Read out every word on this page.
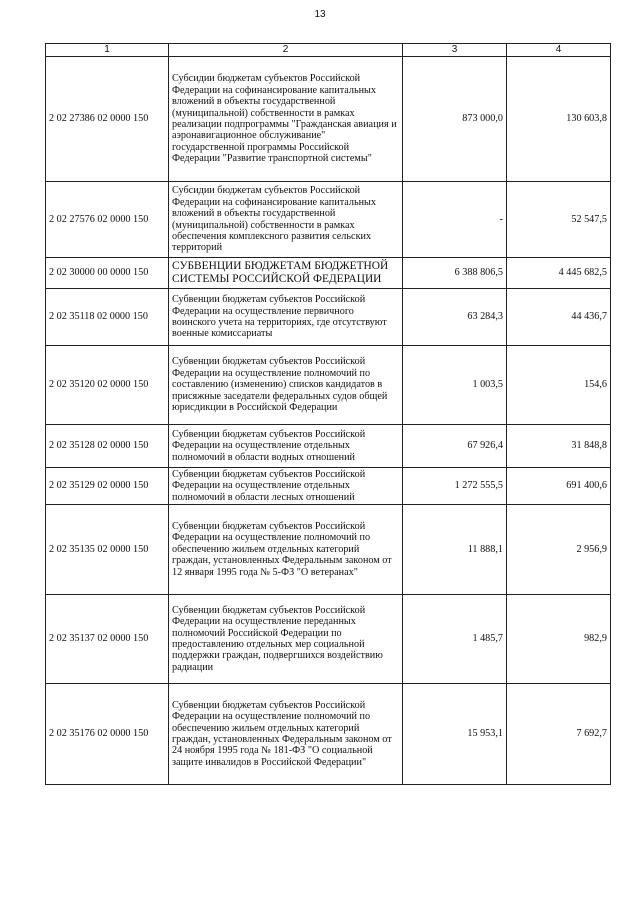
13
1	2	3	4
2 02 27386 02 0000 150	Субсидии бюджетам субъектов Российской Федерации на софинансирование капитальных вложений в объекты государственной (муниципальной) собственности в рамках реализации подпрограммы "Гражданская авиация и аэронавигационное обслуживание" государственной программы Российской Федерации "Развитие транспортной системы"	873 000,0	130 603,8
2 02 27576 02 0000 150	Субсидии бюджетам субъектов Российской Федерации на софинансирование капитальных вложений в объекты государственной (муниципальной) собственности в рамках обеспечения комплексного развития сельских территорий	-	52 547,5
2 02 30000 00 0000 150	СУБВЕНЦИИ БЮДЖЕТАМ БЮДЖЕТНОЙ СИСТЕМЫ РОССИЙСКОЙ ФЕДЕРАЦИИ	6 388 806,5	4 445 682,5
2 02 35118 02 0000 150	Субвенции бюджетам субъектов Российской Федерации на осуществление первичного воинского учета на территориях, где отсутствуют военные комиссариаты	63 284,3	44 436,7
2 02 35120 02 0000 150	Субвенции бюджетам субъектов Российской Федерации на осуществление полномочий по составлению (изменению) списков кандидатов в присяжные заседатели федеральных судов общей юрисдикции в Российской Федерации	1 003,5	154,6
2 02 35128 02 0000 150	Субвенции бюджетам субъектов Российской Федерации на осуществление отдельных полномочий в области водных отношений	67 926,4	31 848,8
2 02 35129 02 0000 150	Субвенции бюджетам субъектов Российской Федерации на осуществление отдельных полномочий в области лесных отношений	1 272 555,5	691 400,6
2 02 35135 02 0000 150	Субвенции бюджетам субъектов Российской Федерации на осуществление полномочий по обеспечению жильем отдельных категорий граждан, установленных Федеральным законом от 12 января 1995 года № 5-ФЗ "О ветеранах"	11 888,1	2 956,9
2 02 35137 02 0000 150	Субвенции бюджетам субъектов Российской Федерации на осуществление переданных полномочий Российской Федерации по предоставлению отдельных мер социальной поддержки граждан, подвергшихся воздействию радиации	1 485,7	982,9
2 02 35176 02 0000 150	Субвенции бюджетам субъектов Российской Федерации на осуществление полномочий по обеспечению жильем отдельных категорий граждан, установленных Федеральным законом от 24 ноября 1995 года № 181-ФЗ "О социальной защите инвалидов в Российской Федерации"	15 953,1	7 692,7
